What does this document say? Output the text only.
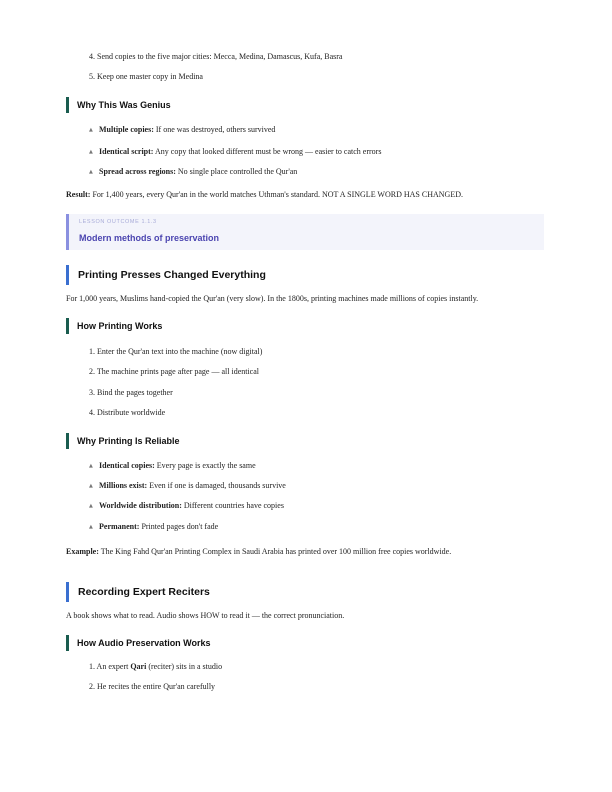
4. Send copies to the five major cities: Mecca, Medina, Damascus, Kufa, Basra
5. Keep one master copy in Medina
Why This Was Genius
▲ Multiple copies: If one was destroyed, others survived
▲ Identical script: Any copy that looked different must be wrong — easier to catch errors
▲ Spread across regions: No single place controlled the Qur'an
Result: For 1,400 years, every Qur'an in the world matches Uthman's standard. NOT A SINGLE WORD HAS CHANGED.
LESSON OUTCOME 1.1.3
Modern methods of preservation
Printing Presses Changed Everything
For 1,000 years, Muslims hand-copied the Qur'an (very slow). In the 1800s, printing machines made millions of copies instantly.
How Printing Works
1. Enter the Qur'an text into the machine (now digital)
2. The machine prints page after page — all identical
3. Bind the pages together
4. Distribute worldwide
Why Printing Is Reliable
▲ Identical copies: Every page is exactly the same
▲ Millions exist: Even if one is damaged, thousands survive
▲ Worldwide distribution: Different countries have copies
▲ Permanent: Printed pages don't fade
Example: The King Fahd Qur'an Printing Complex in Saudi Arabia has printed over 100 million free copies worldwide.
Recording Expert Reciters
A book shows what to read. Audio shows HOW to read it — the correct pronunciation.
How Audio Preservation Works
1. An expert Qari (reciter) sits in a studio
2. He recites the entire Qur'an carefully
